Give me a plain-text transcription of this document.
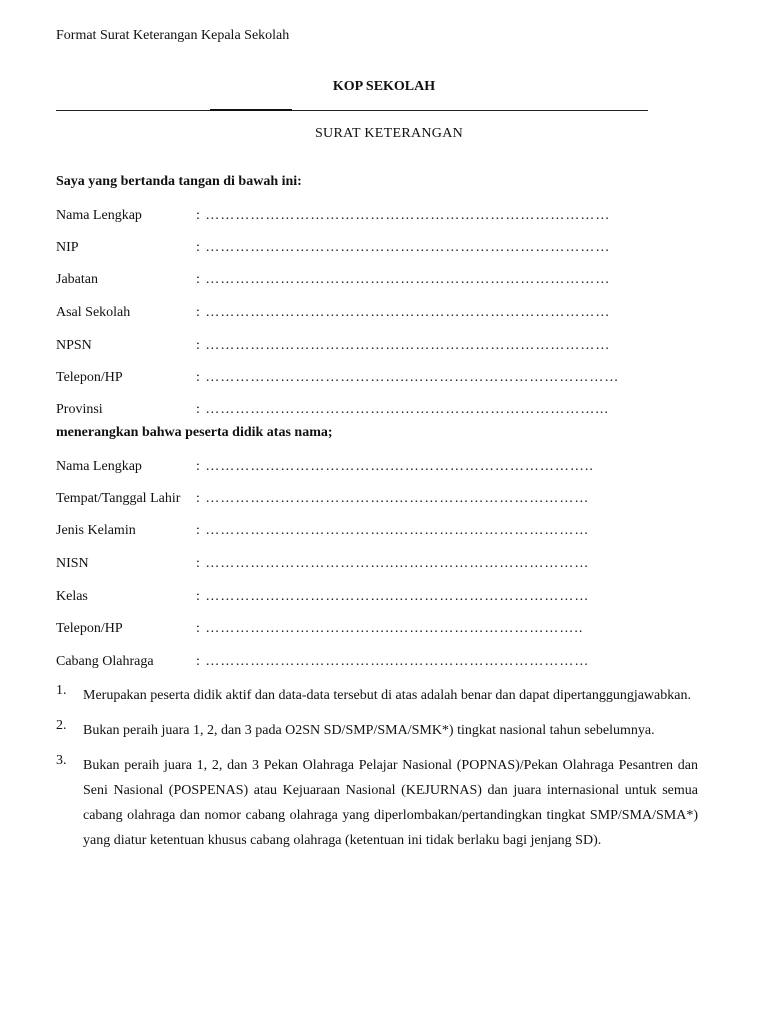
Format Surat Keterangan Kepala Sekolah
KOP SEKOLAH
SURAT KETERANGAN
Saya yang bertanda tangan di bawah ini:
Nama Lengkap	: ………………………………………………………………………
NIP	: ………………………………………………………………………
Jabatan	: ………………………………………………………………………
Asal Sekolah	: ………………………………………………………………………
NPSN	: ………………………………………………………………………
Telepon/HP	: …………………………………..……………………………………
Provinsi	: ……………………………………………………………………...
menerangkan bahwa peserta didik atas nama;
Nama Lengkap	: ……………………………….…………………………………..
Tempat/Tanggal Lahir : ………………………………..…………………………………
Jenis Kelamin	: ………………………………..…………………………………
NISN	: ………………………………..…………………………………
Kelas	: ………………………………..…………………………………
Telepon/HP	: ………………………………..………………………………..
Cabang Olahraga	: ………………………………..…………………………………
1.	Merupakan peserta didik aktif dan data-data tersebut di atas adalah benar dan dapat dipertanggungjawabkan.
2.	Bukan peraih juara 1, 2, dan 3 pada O2SN SD/SMP/SMA/SMK*) tingkat nasional tahun sebelumnya.
3.	Bukan peraih juara 1, 2, dan 3 Pekan Olahraga Pelajar Nasional (POPNAS)/Pekan Olahraga Pesantren dan Seni Nasional (POSPENAS) atau Kejuaraan Nasional (KEJURNAS) dan juara internasional untuk semua cabang olahraga dan nomor cabang olahraga yang diperlombakan/pertandingkan tingkat SMP/SMA/SMA*) yang diatur ketentuan khusus cabang olahraga (ketentuan ini tidak berlaku bagi jenjang SD).
